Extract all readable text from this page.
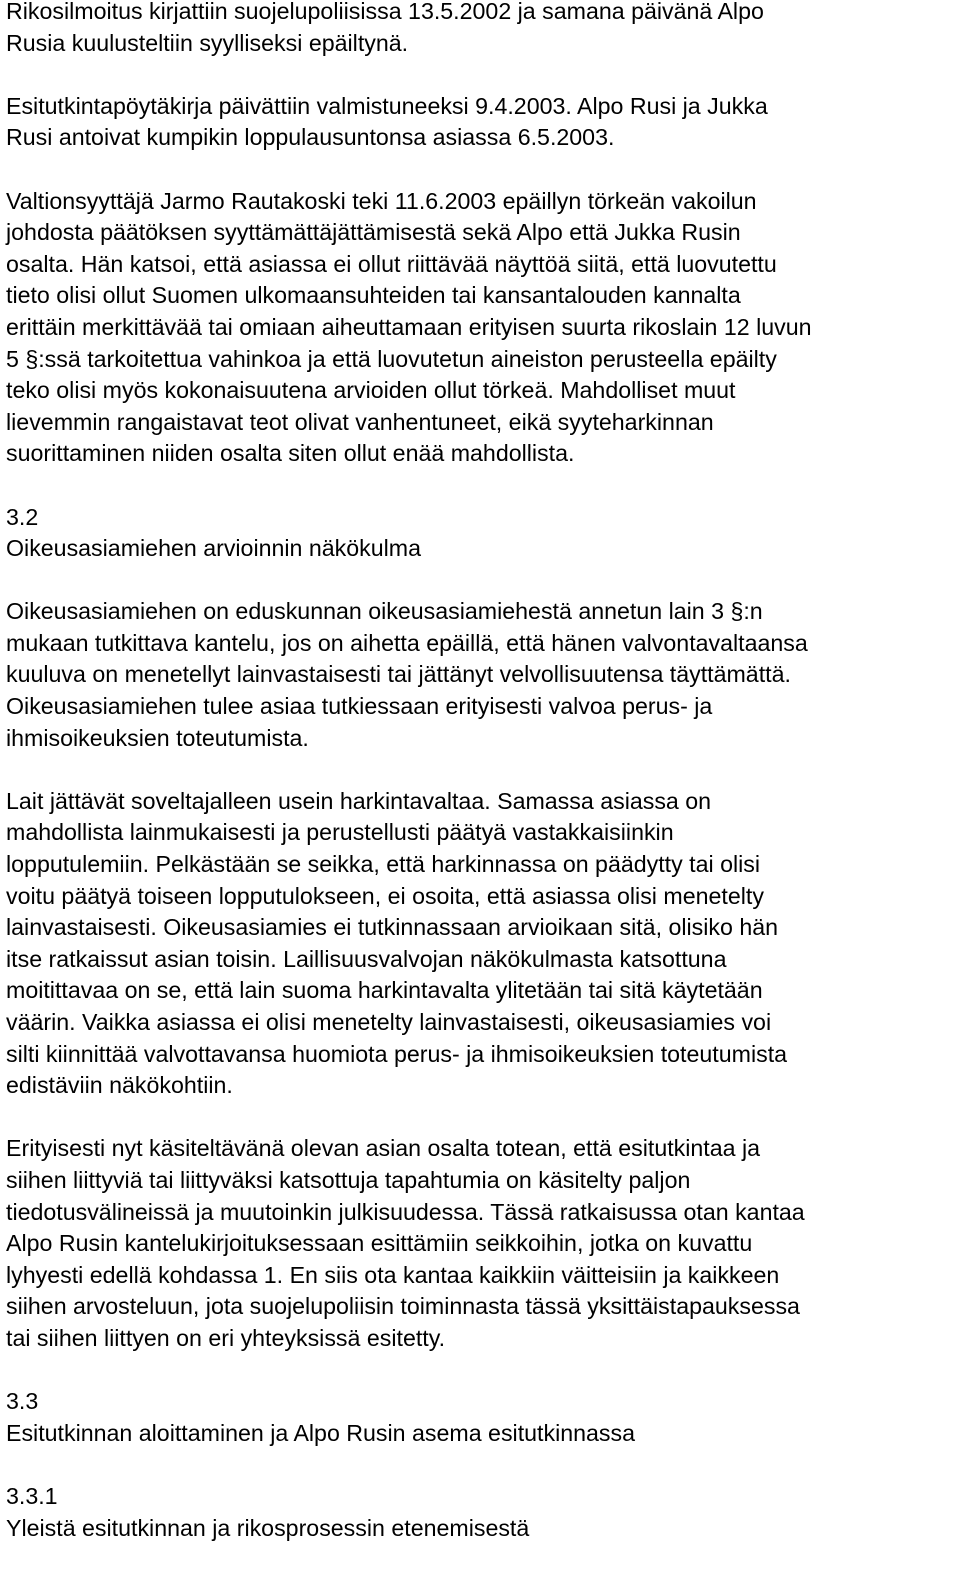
Rikosilmoitus kirjattiin suojelupoliisissa 13.5.2002 ja samana päivänä Alpo
Rusia kuulusteltiin syylliseksi epäiltynä.
Esitutkintapöytäkirja päivättiin valmistuneeksi 9.4.2003. Alpo Rusi ja Jukka
Rusi antoivat kumpikin loppulausuntonsa asiassa 6.5.2003.
Valtionsyyttäjä Jarmo Rautakoski teki 11.6.2003 epäillyn törkeän vakoilun
johdosta päätöksen syyttämättäjättämisestä sekä Alpo että Jukka Rusin
osalta. Hän katsoi, että asiassa ei ollut riittävää näyttöä siitä, että luovutettu
tieto olisi ollut Suomen ulkomaansuhteiden tai kansantalouden kannalta
erittäin merkittävää tai omiaan aiheuttamaan erityisen suurta rikoslain 12 luvun
5 §:ssä tarkoitettua vahinkoa ja että luovutetun aineiston perusteella epäilty
teko olisi myös kokonaisuutena arvioiden ollut törkeä. Mahdolliset muut
lievemmin rangaistavat teot olivat vanhentuneet, eikä syyteharkinnan
suorittaminen niiden osalta siten ollut enää mahdollista.
3.2
Oikeusasiamiehen arvioinnin näkökulma
Oikeusasiamiehen on eduskunnan oikeusasiamiehestä annetun lain 3 §:n
mukaan tutkittava kantelu, jos on aihetta epäillä, että hänen valvontavaltaansa
kuuluva on menetellyt lainvastaisesti tai jättänyt velvollisuutensa täyttämättä.
Oikeusasiamiehen tulee asiaa tutkiessaan erityisesti valvoa perus- ja
ihmisoikeuksien toteutumista.
Lait jättävät soveltajalleen usein harkintavaltaa. Samassa asiassa on
mahdollista lainmukaisesti ja perustellusti päätyä vastakkaisiinkin
lopputulemiin. Pelkästään se seikka, että harkinnassa on päädytty tai olisi
voitu päätyä toiseen lopputulokseen, ei osoita, että asiassa olisi menetelty
lainvastaisesti. Oikeusasiamies ei tutkinnassaan arvioikaan sitä, olisiko hän
itse ratkaissut asian toisin. Laillisuusvalvojan näkökulmasta katsottuna
moitittavaa on se, että lain suoma harkintavalta ylitetään tai sitä käytetään
väärin. Vaikka asiassa ei olisi menetelty lainvastaisesti, oikeusasiamies voi
silti kiinnittää valvottavansa huomiota perus- ja ihmisoikeuksien toteutumista
edistäviin näkökohtiin.
Erityisesti nyt käsiteltävänä olevan asian osalta totean, että esitutkintaa ja
siihen liittyviä tai liittyväksi katsottuja tapahtumia on käsitelty paljon
tiedotusvälineissä ja muutoinkin julkisuudessa. Tässä ratkaisussa otan kantaa
Alpo Rusin kantelukirjoituksessaan esittämiin seikkoihin, jotka on kuvattu
lyhyesti edellä kohdassa 1. En siis ota kantaa kaikkiin väitteisiin ja kaikkeen
siihen arvosteluun, jota suojelupoliisin toiminnasta tässä yksittäistapauksessa
tai siihen liittyen on eri yhteyksissä esitetty.
3.3
Esitutkinnan aloittaminen ja Alpo Rusin asema esitutkinnassa
3.3.1
Yleistä esitutkinnan ja rikosprosessin etenemisestä
